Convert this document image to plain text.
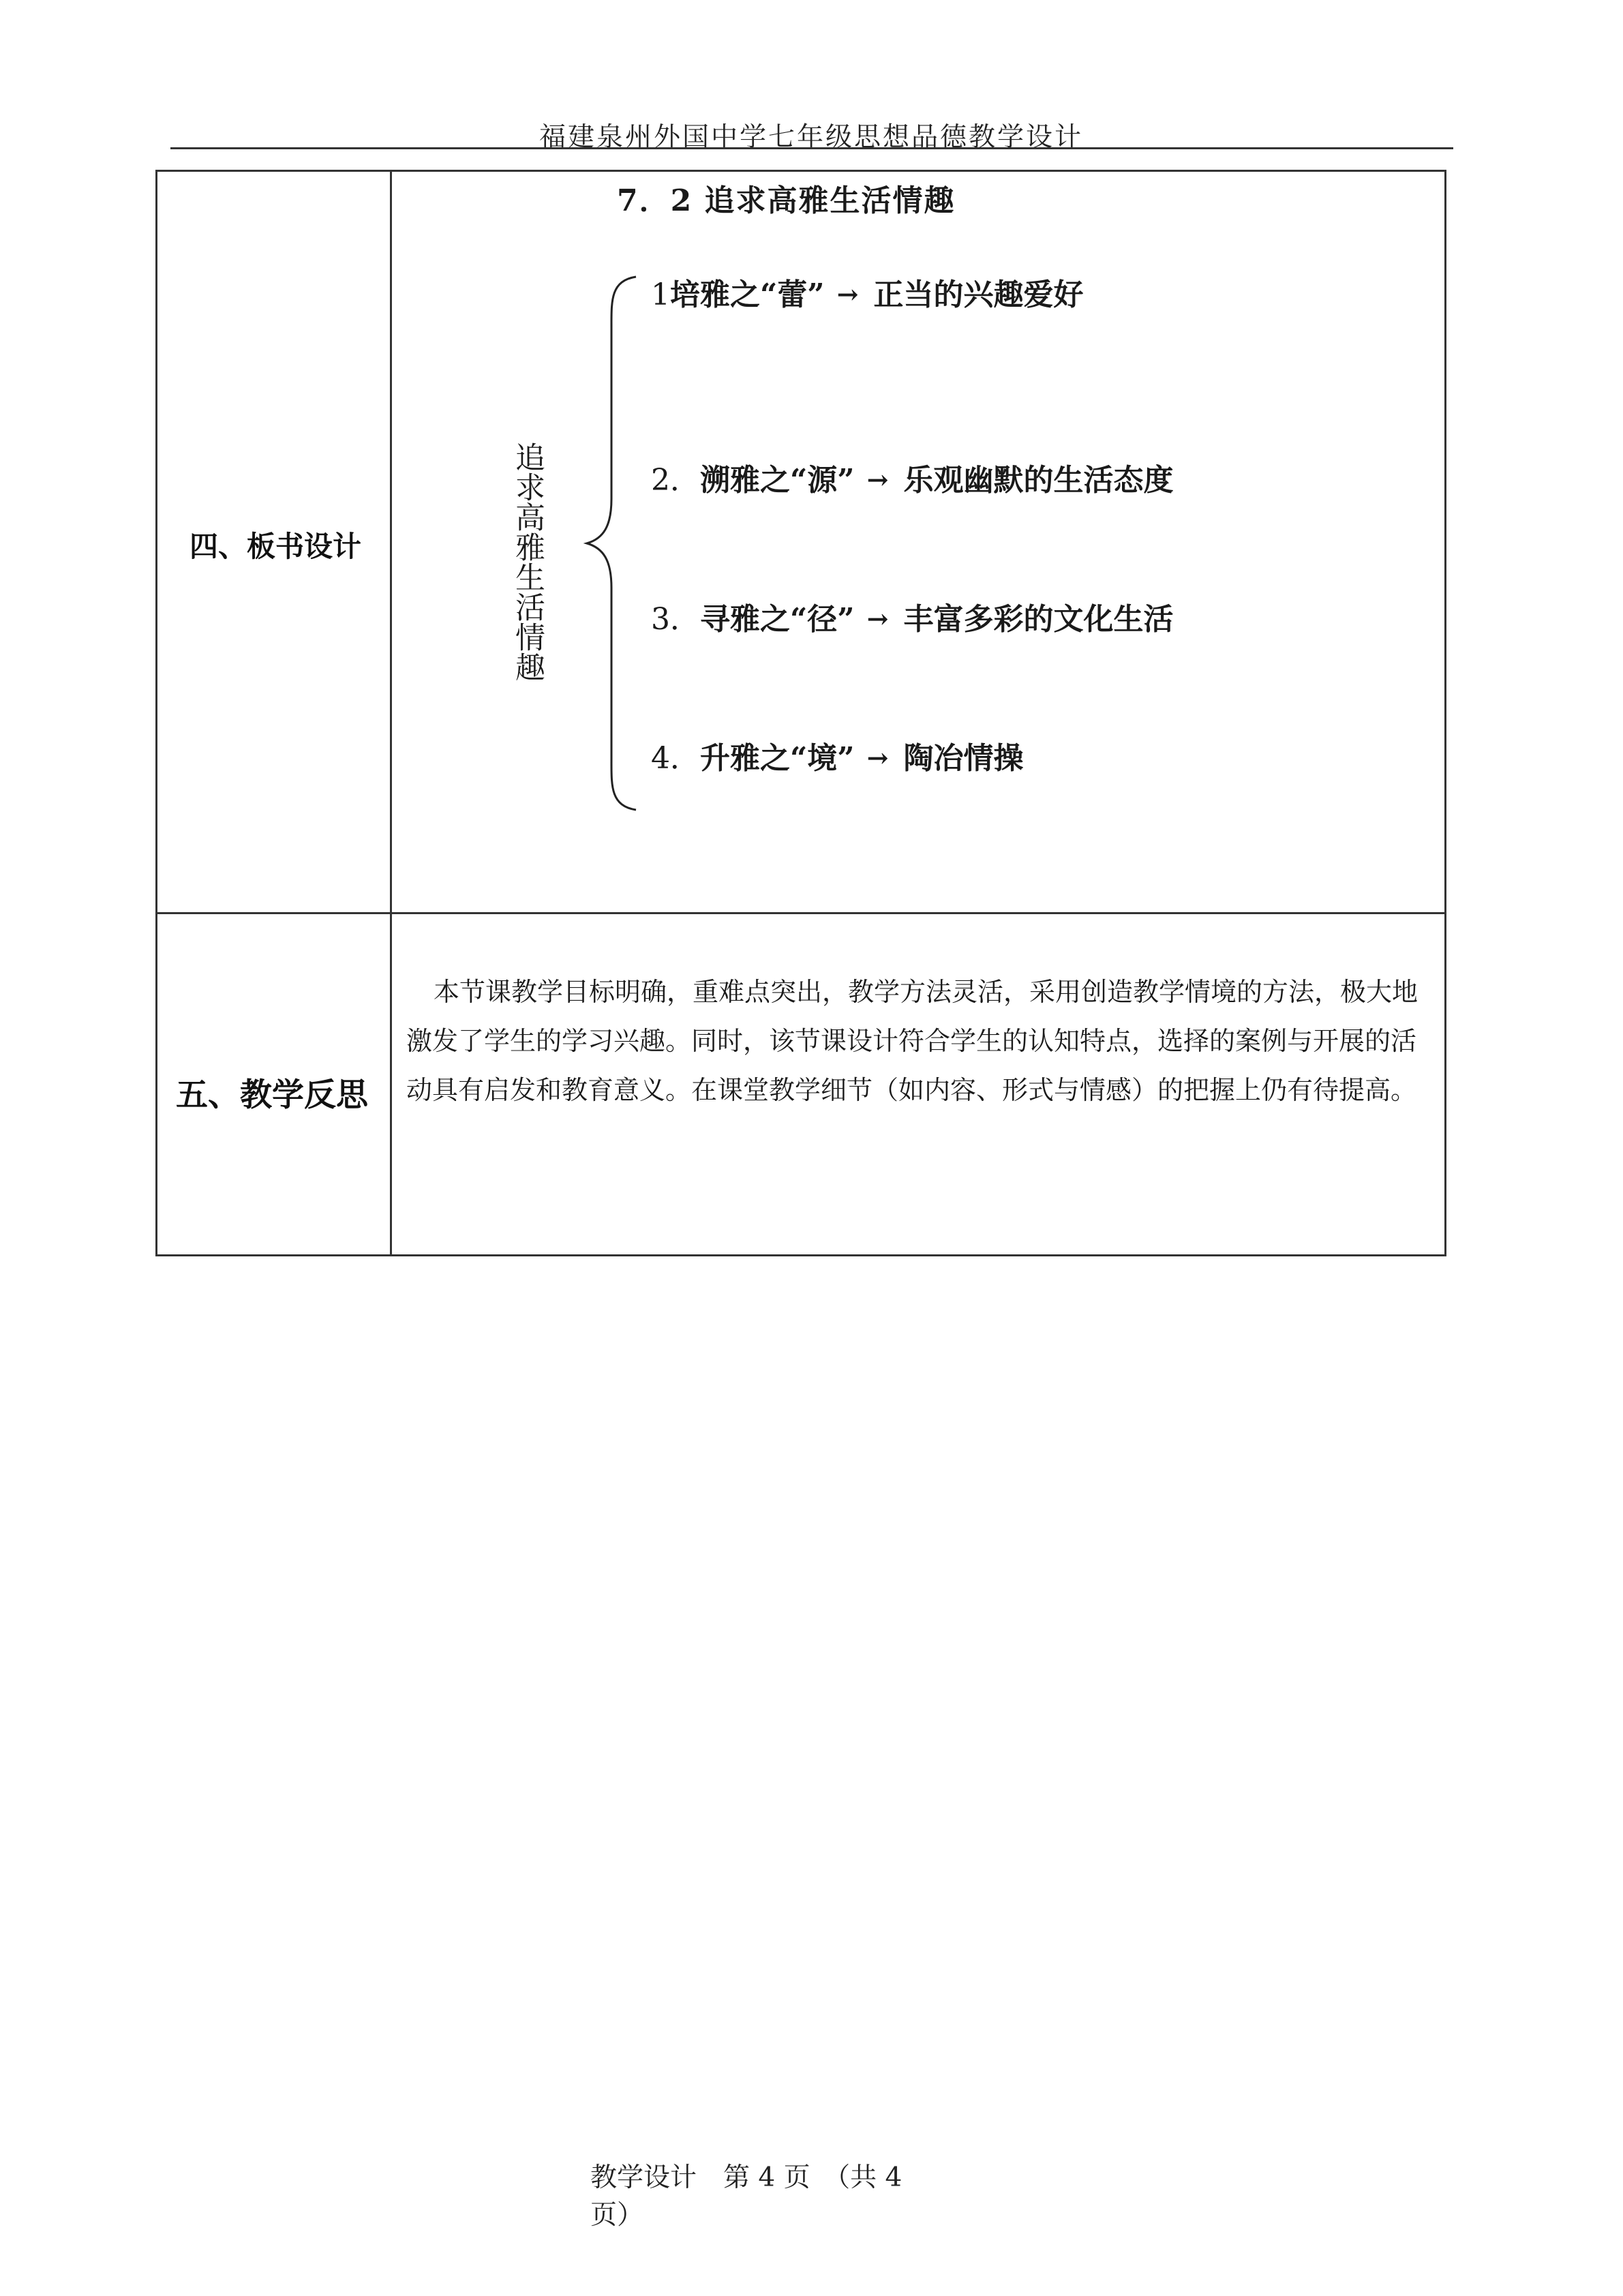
福建泉州外国中学七年级思想品德教学设计
四、板书设计
五、教学反思
本节课教学目标明确，重难点突出，教学方法灵活，采用创造教学情境的方法，极大地激发了学生的学习兴趣。同时，该节课设计符合学生的认知特点，选择的案例与开展的活动具有启发和教育意义。在课堂教学细节（如内容、形式与情感）的把握上仍有待提高。
7．2 追求高雅生活情趣
追求高雅生活情趣
1培雅之“蕾” → 正当的兴趣爱好
2．溯雅之“源” → 乐观幽默的生活态度
3．寻雅之“径” → 丰富多彩的文化生活
4．升雅之“境” → 陶冶情操
教学设计　第 4 页　（共 4
页）
